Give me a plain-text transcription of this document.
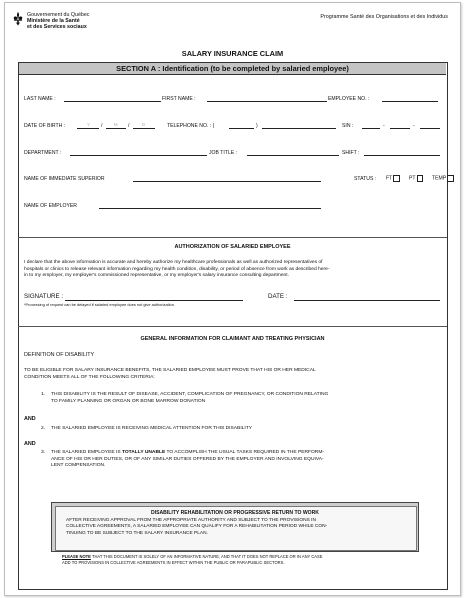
Gouvernement du Québec
Ministère de la Santé
et des Services sociaux
Programme Santé des Organisations et des Individus
SALARY INSURANCE CLAIM
SECTION A : Identification (to be completed by salaried employee)
LAST NAME :	FIRST NAME :	EMPLOYEE NO. :
DATE OF BIRTH :	Y /	M /	D	TELEPHONE NO. : (	)	SIN :	-	-
DEPARTMENT :	JOB TITLE :	SHIFT :
NAME OF IMMEDIATE SUPERIOR	STATUS : FT	PT	TEMP
NAME OF EMPLOYER
AUTHORIZATION OF SALARIED EMPLOYEE
I declare that the above information is accurate and hereby authorize my healthcare professionals as well as authorized representatives of
hospitals or clinics to release relevant information regarding my health condition, disability, or period of absence from work as described here-
in to my employer, my employer's commissioned representative, or my employer's salary insurance consulting department.
SIGNATURE :	DATE :
*Processing of request can be delayed if salaried employee does not give authorization.
GENERAL INFORMATION FOR CLAIMANT AND TREATING PHYSICIAN
DEFINITION OF DISABILITY
TO BE ELIGIBLE FOR SALARY INSURANCE BENEFITS, THE SALARIED EMPLOYEE MUST PROVE THAT HIS OR HER MEDICAL
CONDITION MEETS ALL OF THE FOLLOWING CRITERIA:
1. THIS DISABILITY IS THE RESULT OF DISEASE, ACCIDENT, COMPLICATION OF PREGNANCY, OR CONDITION RELATING
TO FAMILY PLANNING OR ORGAN OR BONE MARROW DONATION
AND
2. THE SALARIED EMPLOYEE IS RECEIVING MEDICAL ATTENTION FOR THIS DISABILITY
AND
3. THE SALARIED EMPLOYEE IS TOTALLY UNABLE TO ACCOMPLISH THE USUAL TASKS REQUIRED IN THE PERFORM-
ANCE OF HIS OR HER DUTIES, OR OF ANY SIMILAR DUTIES OFFERED BY THE EMPLOYER AND INVOLVING EQUIVA-
LENT COMPENSATION.
DISABILITY REHABILITATION OR PROGRESSIVE RETURN TO WORK
AFTER RECEIVING APPROVAL FROM THE APPROPRIATE AUTHORITY AND SUBJECT TO THE PROVISIONS IN
COLLECTIVE AGREEMENTS, A SALARIED EMPLOYEE CAN QUALIFY FOR A REHABILITATION PERIOD WHILE CON-
TINUING TO BE SUBJECT TO THE SALARY INSURANCE PLAN.
PLEASE NOTE THAT THIS DOCUMENT IS SOLELY OF AN INFORMATIVE NATURE, AND THAT IT DOES NOT REPLACE OR IN ANY CASE
ADD TO PROVISIONS IN COLLECTIVE AGREEMENTS IN EFFECT WITHIN THE PUBLIC OR PARAPUBLIC SECTORS.
